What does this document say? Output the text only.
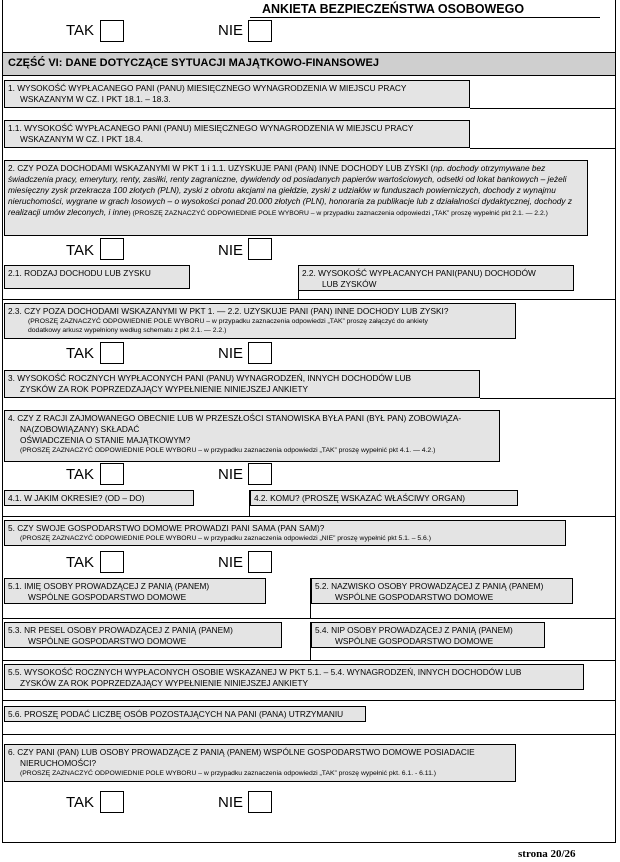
ANKIETA BEZPIECZEŃSTWA OSOBOWEGO
TAK	NIE
CZĘŚĆ VI: DANE DOTYCZĄCE SYTUACJI MAJĄTKOWO-FINANSOWEJ
1. WYSOKOŚĆ WYPŁACANEGO PANI (PANU) MIESIĘCZNEGO WYNAGRODZENIA W MIEJSCU PRACY
WSKAZANYM W CZ. I PKT 18.1. – 18.3.
1.1. WYSOKOŚĆ WYPŁACANEGO PANI (PANU) MIESIĘCZNEGO WYNAGRODZENIA W MIEJSCU PRACY
WSKAZANYM W CZ. I PKT 18.4.
2. CZY POZA DOCHODAMI WSKAZANYMI W PKT 1 i 1.1. UZYSKUJE PANI (PAN) INNE DOCHODY LUB ZYSKI (np. dochody otrzymywane bez świadczenia pracy, emerytury, renty, zasiłki, renty zagraniczne, dywidendy od posiadanych papierów wartościowych, odsetki od lokat bankowych – jeżeli miesięczny zysk przekracza 100 złotych (PLN), zyski z obrotu akcjami na giełdzie, zyski z udziałów w funduszach powierniczych, dochody z wynajmu nieruchomości, wygrane w grach losowych – o wysokości ponad 20.000 złotych (PLN), honoraria za publikacje lub z działalności dydaktycznej, dochody z realizacji umów zleconych, i inne) (PROSZĘ ZAZNACZYĆ ODPOWIEDNIE POLE WYBORU – w przypadku zaznaczenia odpowiedzi „TAK” proszę wypełnić pkt 2.1. — 2.2.)
TAK	NIE
2.1. RODZAJ DOCHODU LUB ZYSKU	2.2. WYSOKOŚĆ WYPŁACANYCH PANI(PANU) DOCHODÓW
LUB ZYSKÓW
2.3. CZY POZA DOCHODAMI WSKAZANYMI W PKT 1. — 2.2. UZYSKUJE PANI (PAN) INNE DOCHODY LUB ZYSKI?
(PROSZĘ ZAZNACZYĆ ODPOWIEDNIE POLE WYBORU – w przypadku zaznaczenia odpowiedzi „TAK” proszę załączyć do ankiety
dodatkowy arkusz wypełniony według schematu z pkt 2.1. — 2.2.)
TAK	NIE
3. WYSOKOŚĆ ROCZNYCH WYPŁACONYCH PANI (PANU) WYNAGRODZEŃ, INNYCH DOCHODÓW LUB
ZYSKÓW ZA ROK POPRZEDZAJĄCY WYPEŁNIENIE NINIEJSZEJ ANKIETY
4. CZY Z RACJI ZAJMOWANEGO OBECNIE LUB W PRZESZŁOŚCI STANOWISKA BYŁA PANI (BYŁ PAN) ZOBOWIĄZA-
NA(ZOBOWIĄZANY) SKŁADAĆ
OŚWIADCZENIA O STANIE MAJĄTKOWYM?
(PROSZĘ ZAZNACZYĆ ODPOWIEDNIE POLE WYBORU – w przypadku zaznaczenia odpowiedzi „TAK” proszę wypełnić pkt 4.1. — 4.2.)
TAK	NIE
4.1. W JAKIM OKRESIE? (OD – DO)	4.2. KOMU? (PROSZĘ WSKAZAĆ WŁAŚCIWY ORGAN)
5. CZY SWOJE GOSPODARSTWO DOMOWE PROWADZI PANI SAMA (PAN SAM)?
(PROSZĘ ZAZNACZYĆ ODPOWIEDNIE POLE WYBORU – w przypadku zaznaczenia odpowiedzi „NIE” proszę wypełnić pkt 5.1. – 5.6.)
TAK	NIE
5.1. IMIĘ OSOBY PROWADZĄCEJ Z PANIĄ (PANEM)
WSPÓLNE GOSPODARSTWO DOMOWE
5.2. NAZWISKO OSOBY PROWADZĄCEJ Z PANIĄ (PANEM)
WSPÓLNE GOSPODARSTWO DOMOWE
5.3. NR PESEL OSOBY PROWADZĄCEJ Z PANIĄ (PANEM)
WSPÓLNE GOSPODARSTWO DOMOWE
5.4. NIP OSOBY PROWADZĄCEJ Z PANIĄ (PANEM)
WSPÓLNE GOSPODARSTWO DOMOWE
5.5. WYSOKOŚĆ ROCZNYCH WYPŁACONYCH OSOBIE WSKAZANEJ W PKT 5.1. – 5.4. WYNAGRODZEŃ, INNYCH DOCHODÓW LUB
ZYSKÓW ZA ROK POPRZEDZAJĄCY WYPEŁNIENIE NINIEJSZEJ ANKIETY
5.6. PROSZĘ PODAĆ LICZBĘ OSÓB POZOSTAJĄCYCH NA PANI (PANA) UTRZYMANIU
6. CZY PANI (PAN) LUB OSOBY PROWADZĄCE Z PANIĄ (PANEM) WSPÓLNE GOSPODARSTWO DOMOWE POSIADACIE
NIERUCHOMOŚCI?
(PROSZĘ ZAZNACZYĆ ODPOWIEDNIE POLE WYBORU – w przypadku zaznaczenia odpowiedzi „TAK” proszę wypełnić pkt. 6.1. - 6.11.)
TAK	NIE
strona 20/26
